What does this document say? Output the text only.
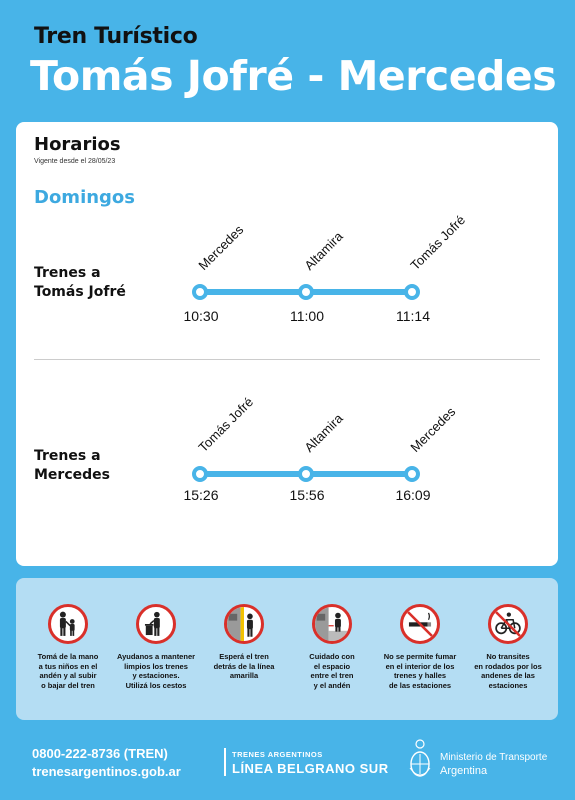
Tren Turístico
Tomás Jofré - Mercedes
Horarios
Vigente desde el 28/05/23
Domingos
Trenes a
Tomás Jofré
Mercedes	Altamira	Tomás Jofré
10:30	11:00	11:14
Trenes a
Mercedes
Tomás Jofré	Altamira	Mercedes
15:26	15:56	16:09
Tomá de la mano
a tus niños en el
andén y al subir
o bajar del tren
Ayudanos a mantener
limpios los trenes
y estaciones.
Utilizá los cestos
Esperá el tren
detrás de la línea
amarilla
Cuidado con
el espacio
entre el tren
y el andén
No se permite fumar
en el interior de los
trenes y halles
de las estaciones
No transites
en rodados por los
andenes de las
estaciones
0800-222-8736 (TREN)
trenesargentinos.gob.ar
TRENES ARGENTINOS
LÍNEA BELGRANO SUR
Ministerio de Transporte
Argentina
